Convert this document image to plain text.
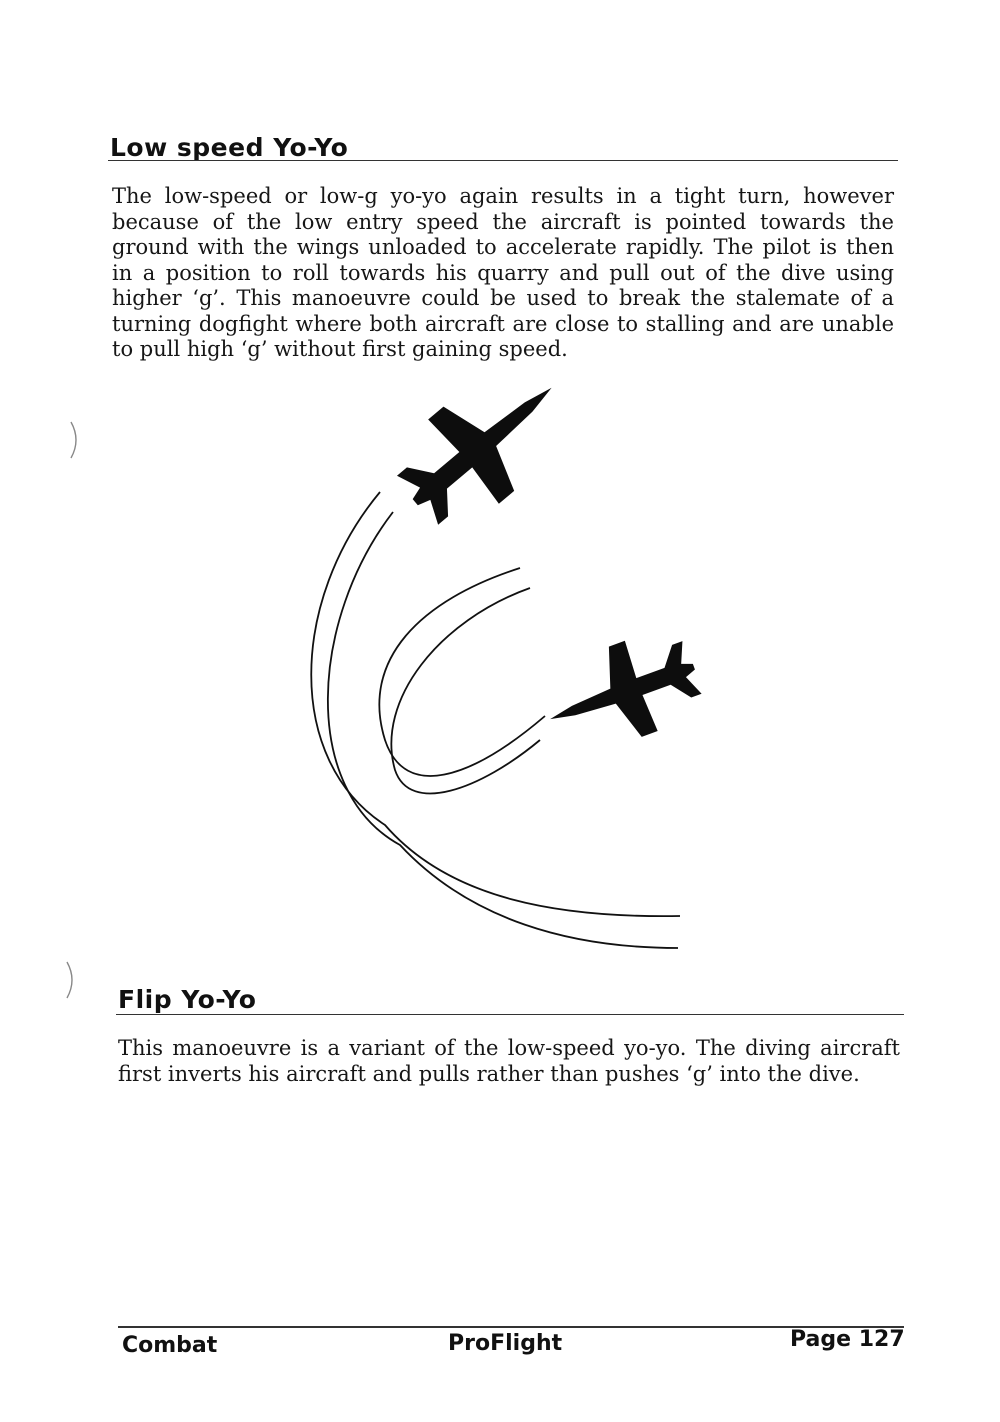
Low speed Yo-Yo

The low-speed or low-g yo-yo again results in a tight turn, however because of the low entry speed the aircraft is pointed towards the ground with the wings unloaded to accelerate rapidly. The pilot is then in a position to roll towards his quarry and pull out of the dive using higher ‘g’. This manoeuvre could be used to break the stalemate of a turning dogfight where both aircraft are close to stalling and are unable to pull high ‘g’ without first gaining speed.

Flip Yo-Yo

This manoeuvre is a variant of the low-speed yo-yo. The diving aircraft first inverts his aircraft and pulls rather than pushes ‘g’ into the dive.

Combat	ProFlight	Page 127
